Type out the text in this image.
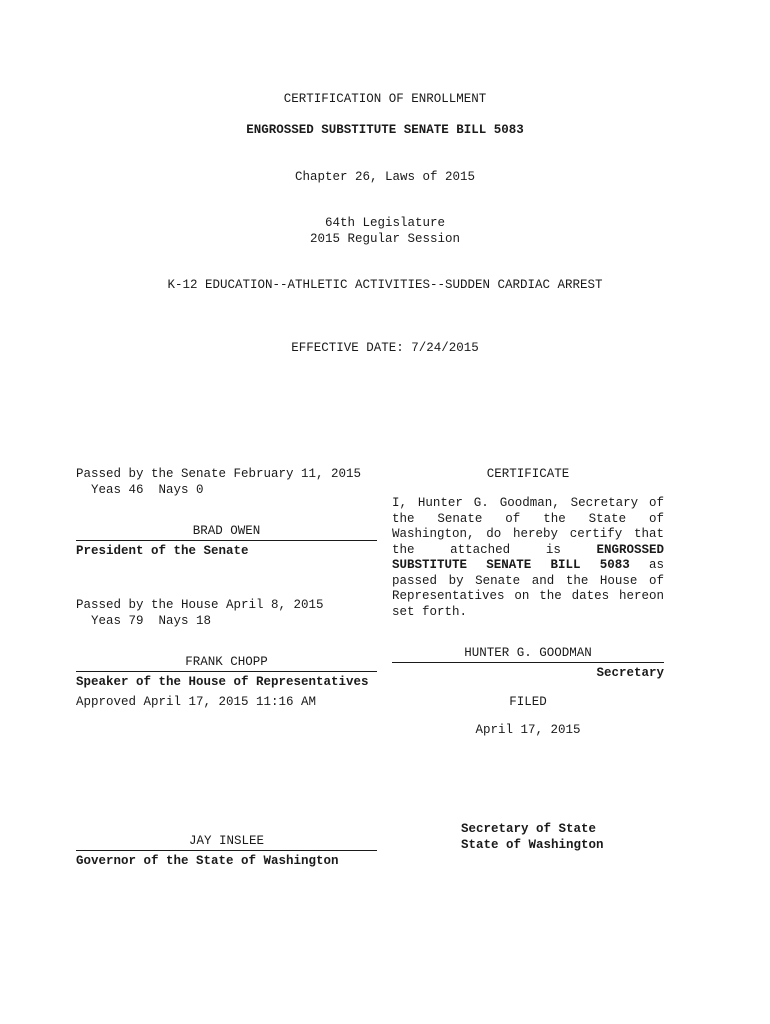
CERTIFICATION OF ENROLLMENT
ENGROSSED SUBSTITUTE SENATE BILL 5083
Chapter 26, Laws of 2015
64th Legislature
2015 Regular Session
K-12 EDUCATION--ATHLETIC ACTIVITIES--SUDDEN CARDIAC ARREST
EFFECTIVE DATE: 7/24/2015
Passed by the Senate February 11, 2015
Yeas 46  Nays 0
BRAD OWEN
President of the Senate
Passed by the House April 8, 2015
Yeas 79  Nays 18
FRANK CHOPP
Speaker of the House of Representatives
Approved April 17, 2015 11:16 AM
JAY INSLEE
Governor of the State of Washington
CERTIFICATE
I, Hunter G. Goodman, Secretary of
the Senate of the State of
Washington, do hereby certify that
the attached is ENGROSSED
SUBSTITUTE SENATE BILL 5083 as
passed by Senate and the House of
Representatives on the dates hereon
set forth.
HUNTER G. GOODMAN
Secretary
FILED
April 17, 2015
Secretary of State
State of Washington
